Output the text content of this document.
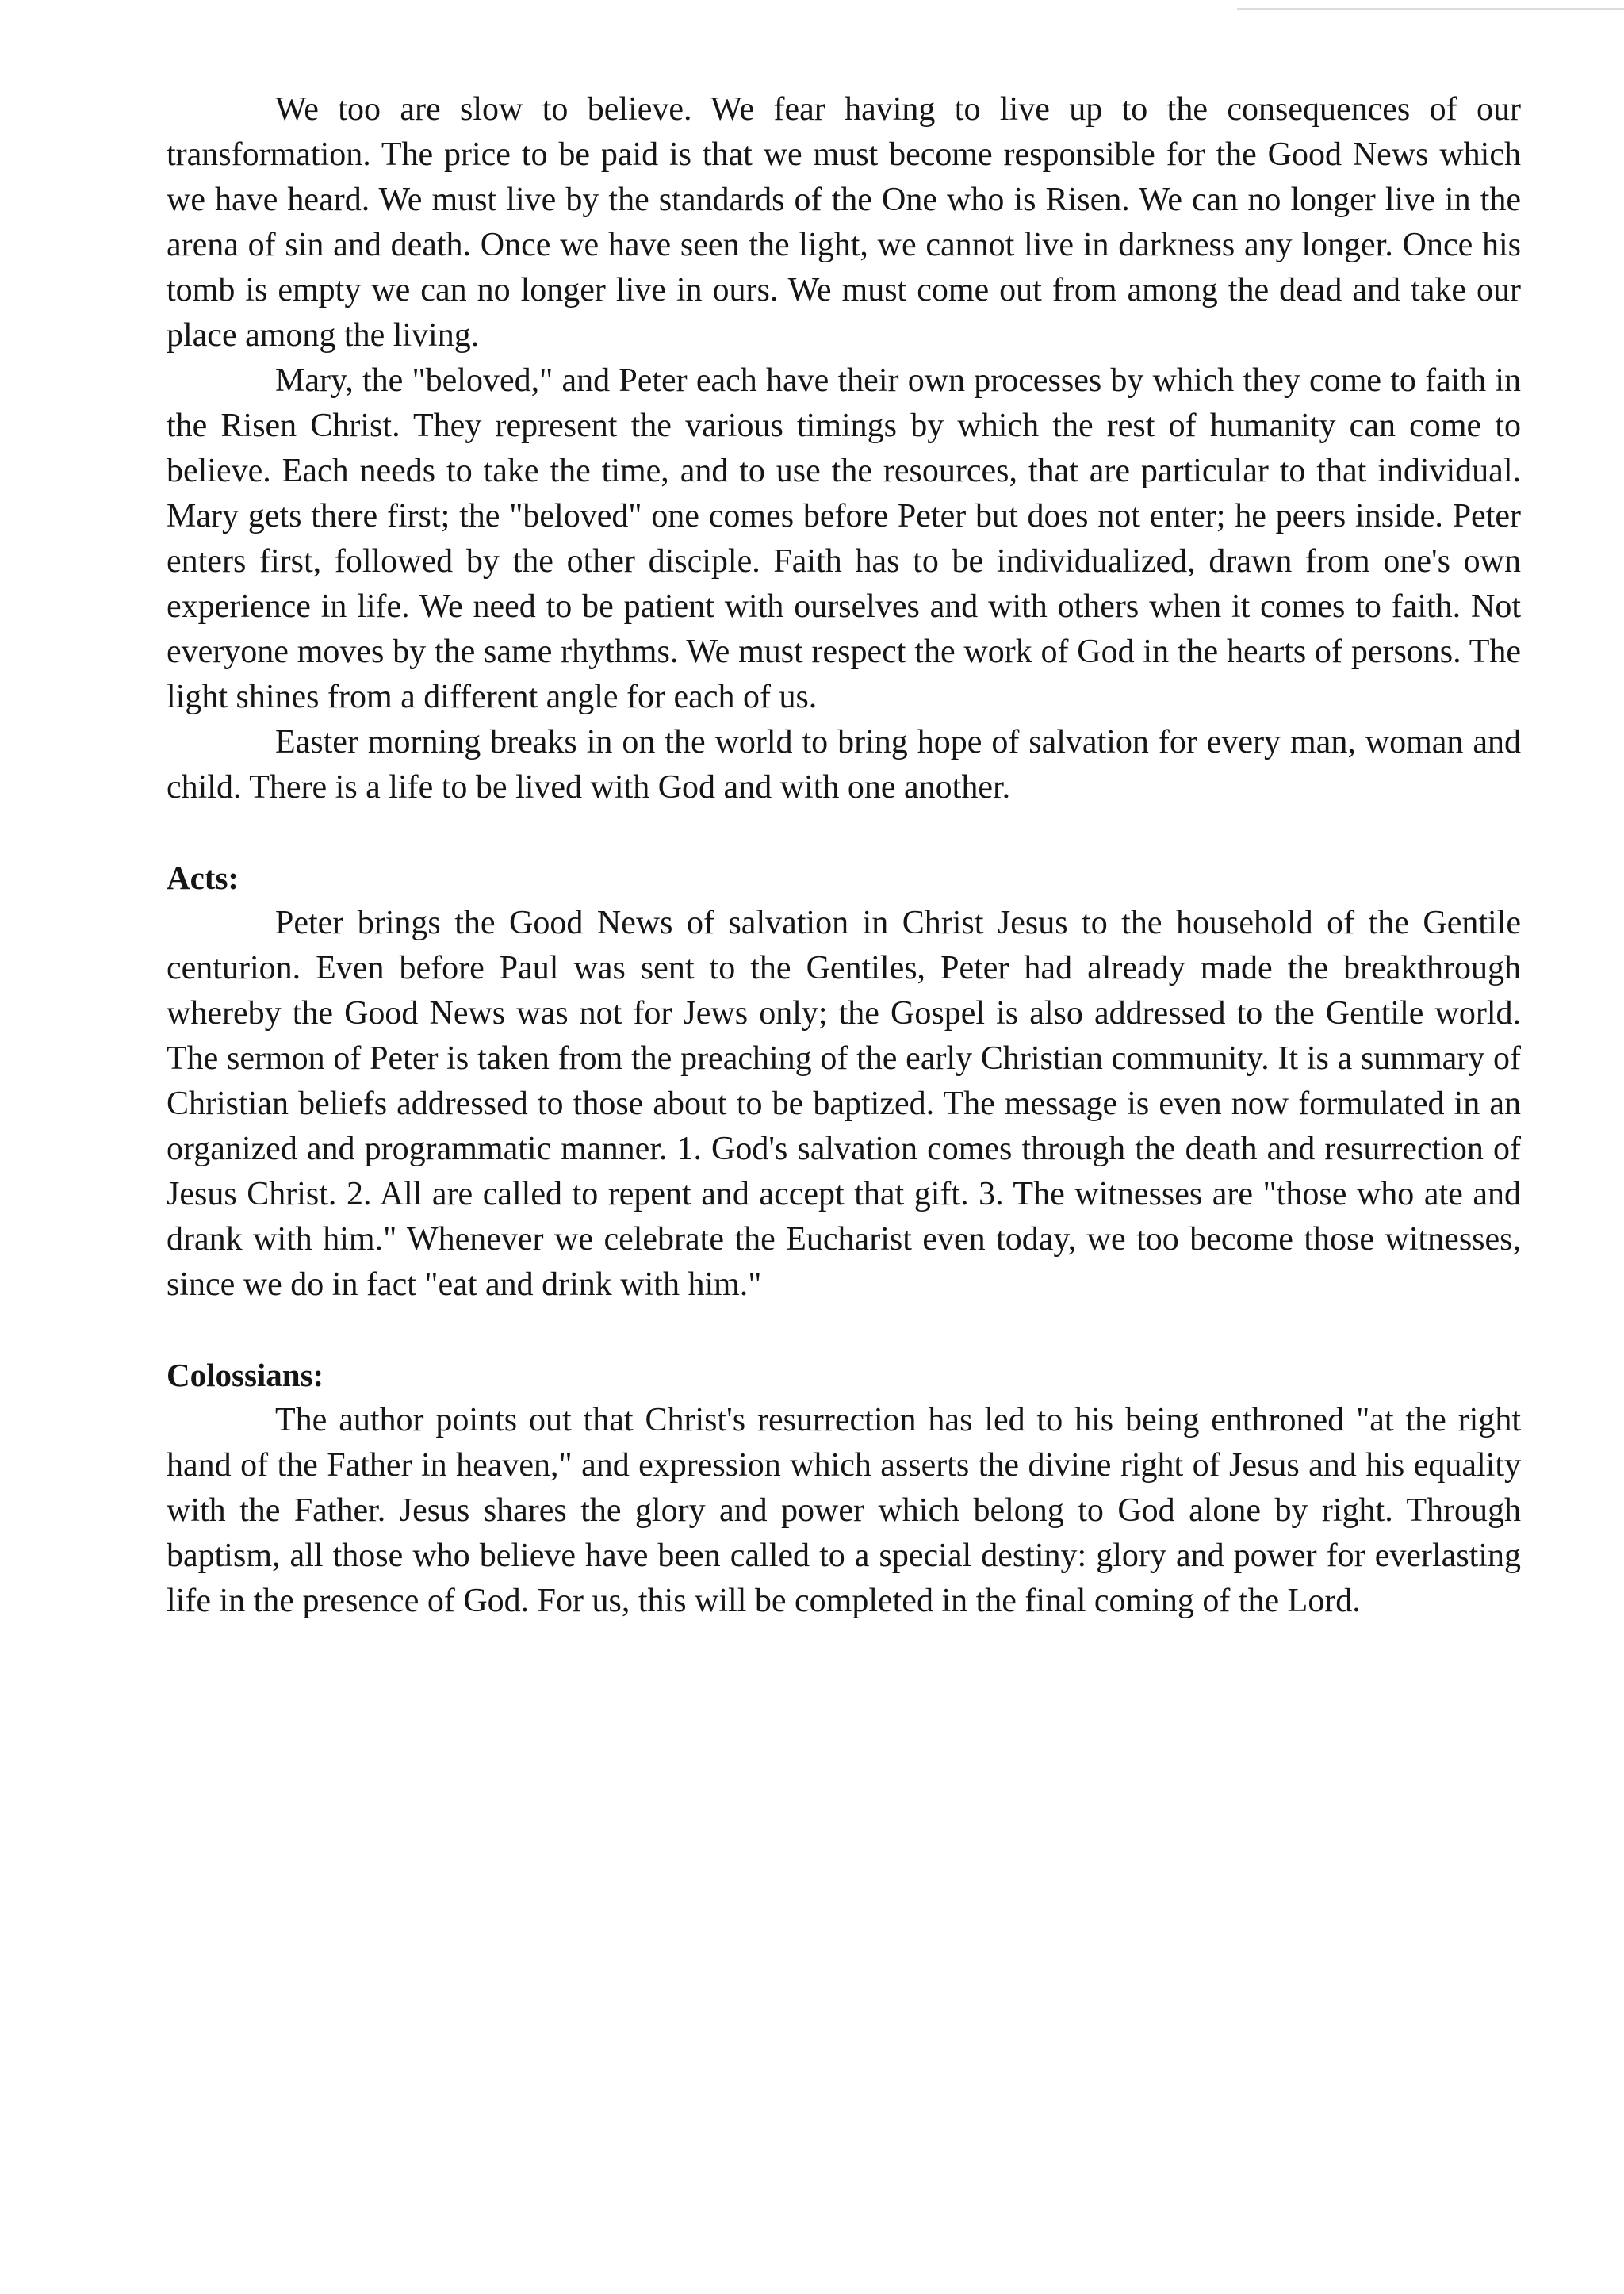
We too are slow to believe. We fear having to live up to the consequences of our transformation. The price to be paid is that we must become responsible for the Good News which we have heard. We must live by the standards of the One who is Risen. We can no longer live in the arena of sin and death. Once we have seen the light, we cannot live in darkness any longer. Once his tomb is empty we can no longer live in ours. We must come out from among the dead and take our place among the living.

Mary, the "beloved," and Peter each have their own processes by which they come to faith in the Risen Christ. They represent the various timings by which the rest of humanity can come to believe. Each needs to take the time, and to use the resources, that are particular to that individual. Mary gets there first; the "beloved" one comes before Peter but does not enter; he peers inside. Peter enters first, followed by the other disciple. Faith has to be individualized, drawn from one's own experience in life. We need to be patient with ourselves and with others when it comes to faith. Not everyone moves by the same rhythms. We must respect the work of God in the hearts of persons. The light shines from a different angle for each of us.

Easter morning breaks in on the world to bring hope of salvation for every man, woman and child. There is a life to be lived with God and with one another.

Acts:

Peter brings the Good News of salvation in Christ Jesus to the household of the Gentile centurion. Even before Paul was sent to the Gentiles, Peter had already made the breakthrough whereby the Good News was not for Jews only; the Gospel is also addressed to the Gentile world. The sermon of Peter is taken from the preaching of the early Christian community. It is a summary of Christian beliefs addressed to those about to be baptized. The message is even now formulated in an organized and programmatic manner. 1. God's salvation comes through the death and resurrection of Jesus Christ. 2. All are called to repent and accept that gift. 3. The witnesses are "those who ate and drank with him." Whenever we celebrate the Eucharist even today, we too become those witnesses, since we do in fact "eat and drink with him."

Colossians:

The author points out that Christ's resurrection has led to his being enthroned "at the right hand of the Father in heaven," and expression which asserts the divine right of Jesus and his equality with the Father. Jesus shares the glory and power which belong to God alone by right. Through baptism, all those who believe have been called to a special destiny: glory and power for everlasting life in the presence of God. For us, this will be completed in the final coming of the Lord.
